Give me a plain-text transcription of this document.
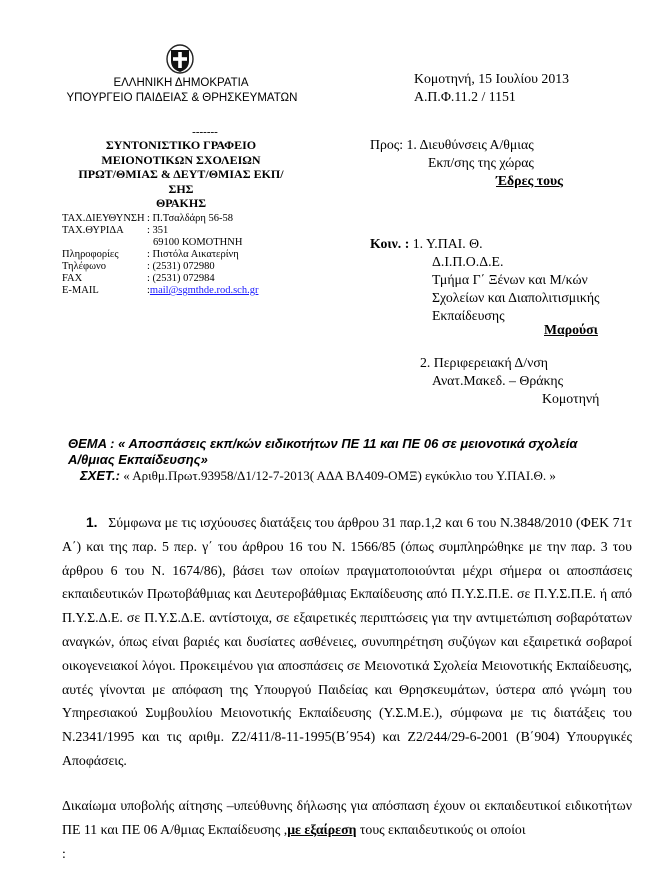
ΕΛΛΗΝΙΚΗ ΔΗΜΟΚΡΑΤΙΑ
ΥΠΟΥΡΓΕΙΟ ΠΑΙΔΕΙΑΣ & ΘΡΗΣΚΕΥΜΑΤΩΝ
-------
ΣΥΝΤΟΝΙΣΤΙΚΟ ΓΡΑΦΕΙΟ
ΜΕΙΟΝΟΤΙΚΩΝ ΣΧΟΛΕΙΩΝ
ΠΡΩΤ/ΘΜΙΑΣ & ΔΕΥΤ/ΘΜΙΑΣ ΕΚΠ/ΣΗΣ
ΘΡΑΚΗΣ
ΤΑΧ.ΔΙΕΥΘΥΝΣΗ : Π.Τσαλδάρη 56-58
ΤΑΧ.ΘΥΡΙΔΑ	: 351
69100 ΚΟΜΟΤΗΝΗ
Πληροφορίες	: Πιστόλα Αικατερίνη
Τηλέφωνο	: (2531) 072980
FAX	: (2531) 072984
E-MAIL	: mail@sgmthde.rod.sch.gr
Κομοτηνή, 15 Ιουλίου 2013
Α.Π.Φ.11.2 / 1151
Προς: 1. Διευθύνσεις Α/θμιας
Εκπ/σης της χώρας
Έδρες τους
Κοιν. : 1. Υ.ΠΑΙ. Θ.
Δ.Ι.Π.Ο.Δ.Ε.
Τμήμα Γ΄ Ξένων και Μ/κών
Σχολείων και Διαπολιτισμικής
Εκπαίδευσης
Μαρούσι
2. Περιφερειακή Δ/νση
Ανατ.Μακεδ. – Θράκης
Κομοτηνή
ΘΕΜΑ : « Αποσπάσεις εκπ/κών ειδικοτήτων ΠΕ 11 και ΠΕ 06 σε μειονοτικά σχολεία
Α/θμιας Εκπαίδευσης»
ΣΧΕΤ.: « Αριθμ.Πρωτ.93958/Δ1/12-7-2013( ΑΔΑ ΒΛ409-ΟΜΞ) εγκύκλιο του Υ.ΠΑΙ.Θ. »
1. Σύμφωνα με τις ισχύουσες διατάξεις του άρθρου 31 παρ.1,2 και 6 του Ν.3848/2010 (ΦΕΚ 71τ Α΄) και της παρ. 5 περ. γ΄ του άρθρου 16 του Ν. 1566/85 (όπως συμπληρώθηκε με την παρ. 3 του άρθρου 6 του Ν. 1674/86), βάσει των οποίων πραγματοποιούνται μέχρι σήμερα οι αποσπάσεις εκπαιδευτικών Πρωτοβάθμιας και Δευτεροβάθμιας Εκπαίδευσης από Π.Υ.Σ.Π.Ε. σε Π.Υ.Σ.Π.Ε. ή από Π.Υ.Σ.Δ.Ε. σε Π.Υ.Σ.Δ.Ε. αντίστοιχα, σε εξαιρετικές περιπτώσεις για την αντιμετώπιση σοβαρότατων αναγκών, όπως είναι βαριές και δυσίατες ασθένειες, συνυπηρέτηση συζύγων και εξαιρετικά σοβαροί οικογενειακοί λόγοι. Προκειμένου για αποσπάσεις σε Μειονοτικά Σχολεία Μειονοτικής Εκπαίδευσης, αυτές γίνονται με απόφαση της Υπουργού Παιδείας και Θρησκευμάτων, ύστερα από γνώμη του Υπηρεσιακού Συμβουλίου Μειονοτικής Εκπαίδευσης (Υ.Σ.Μ.Ε.), σύμφωνα με τις διατάξεις του Ν.2341/1995 και τις αριθμ. Ζ2/411/8-11-1995(Β΄954) και Ζ2/244/29-6-2001 (Β΄904) Υπουργικές Αποφάσεις.
Δικαίωμα υποβολής αίτησης –υπεύθυνης δήλωσης για απόσπαση έχουν οι εκπαιδευτικοί ειδικοτήτων ΠΕ 11 και ΠΕ 06 Α/θμιας Εκπαίδευσης ,με εξαίρεση τους εκπαιδευτικούς οι οποίοι
:
